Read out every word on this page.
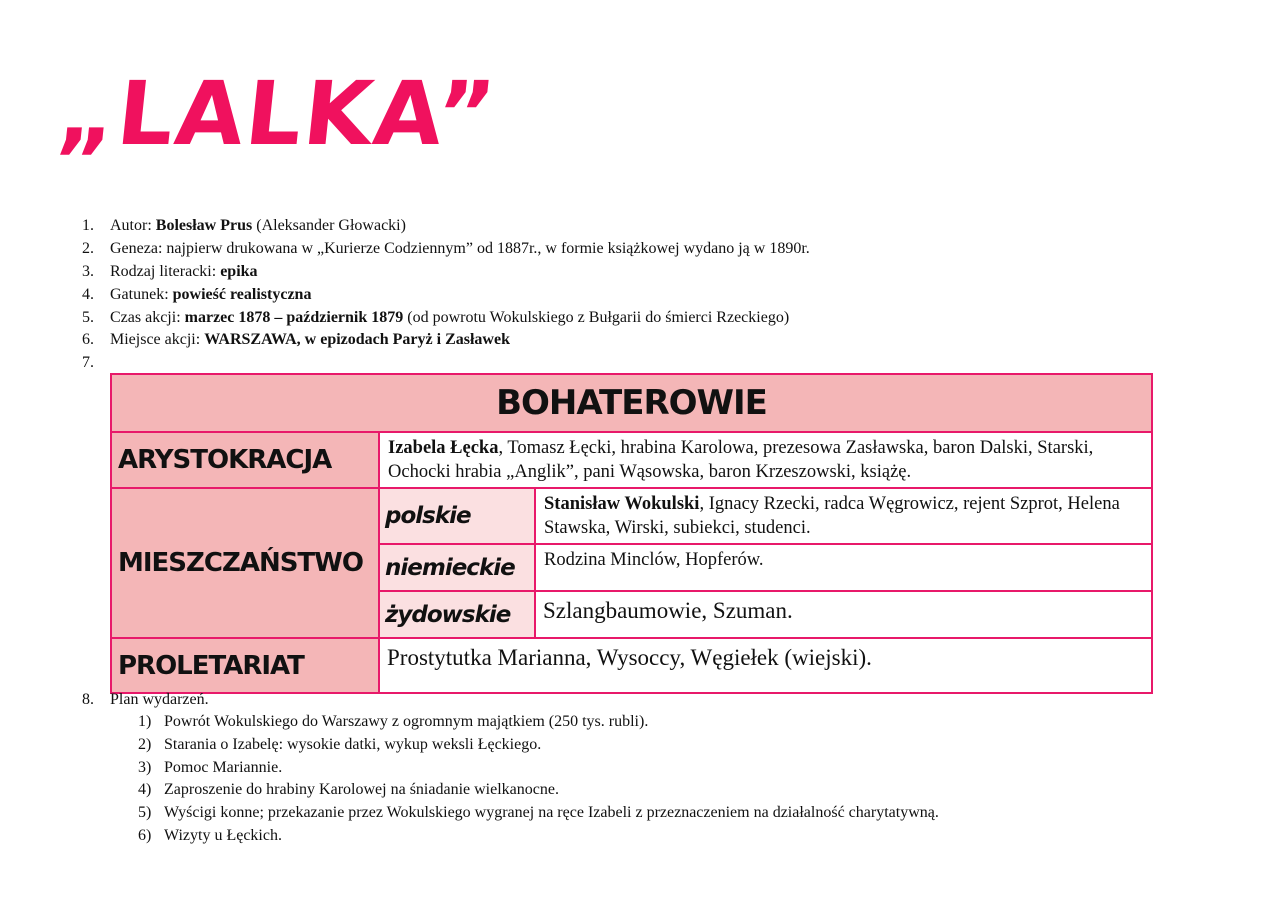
„LALKA”
1. Autor: Bolesław Prus (Aleksander Głowacki)
2. Geneza: najpierw drukowana w „Kurierze Codziennym” od 1887r., w formie książkowej wydano ją w 1890r.
3. Rodzaj literacki: epika
4. Gatunek: powieść realistyczna
5. Czas akcji: marzec 1878 – październik 1879 (od powrotu Wokulskiego z Bułgarii do śmierci Rzeckiego)
6. Miejsce akcji: WARSZAWA, w epizodach Paryż i Zasławek
7.
BOHATEROWIE		
ARYSTOKRACJA	Izabela Łęcka, Tomasz Łęcki, hrabina Karolowa, prezesowa Zasławska, baron Dalski, Starski, Ochocki hrabia „Anglik”, pani Wąsowska, baron Krzeszowski, książę.	
MIESZCZAŃSTWO	polskie	Stanisław Wokulski, Ignacy Rzecki, radca Węgrowicz, rejent Szprot, Helena Stawska, Wirski, subiekci, studenci.
	niemieckie	Rodzina Minclów, Hopferów.
	żydowskie	Szlangbaumowie, Szuman.
PROLETARIAT	Prostytutka Marianna, Wysoccy, Węgiełek (wiejski).	
8. Plan wydarzeń.
1) Powrót Wokulskiego do Warszawy z ogromnym majątkiem (250 tys. rubli).
2) Starania o Izabelę: wysokie datki, wykup weksli Łęckiego.
3) Pomoc Mariannie.
4) Zaproszenie do hrabiny Karolowej na śniadanie wielkanocne.
5) Wyścigi konne; przekazanie przez Wokulskiego wygranej na ręce Izabeli z przeznaczeniem na działalność charytatywną.
6) Wizyty u Łęckich.
